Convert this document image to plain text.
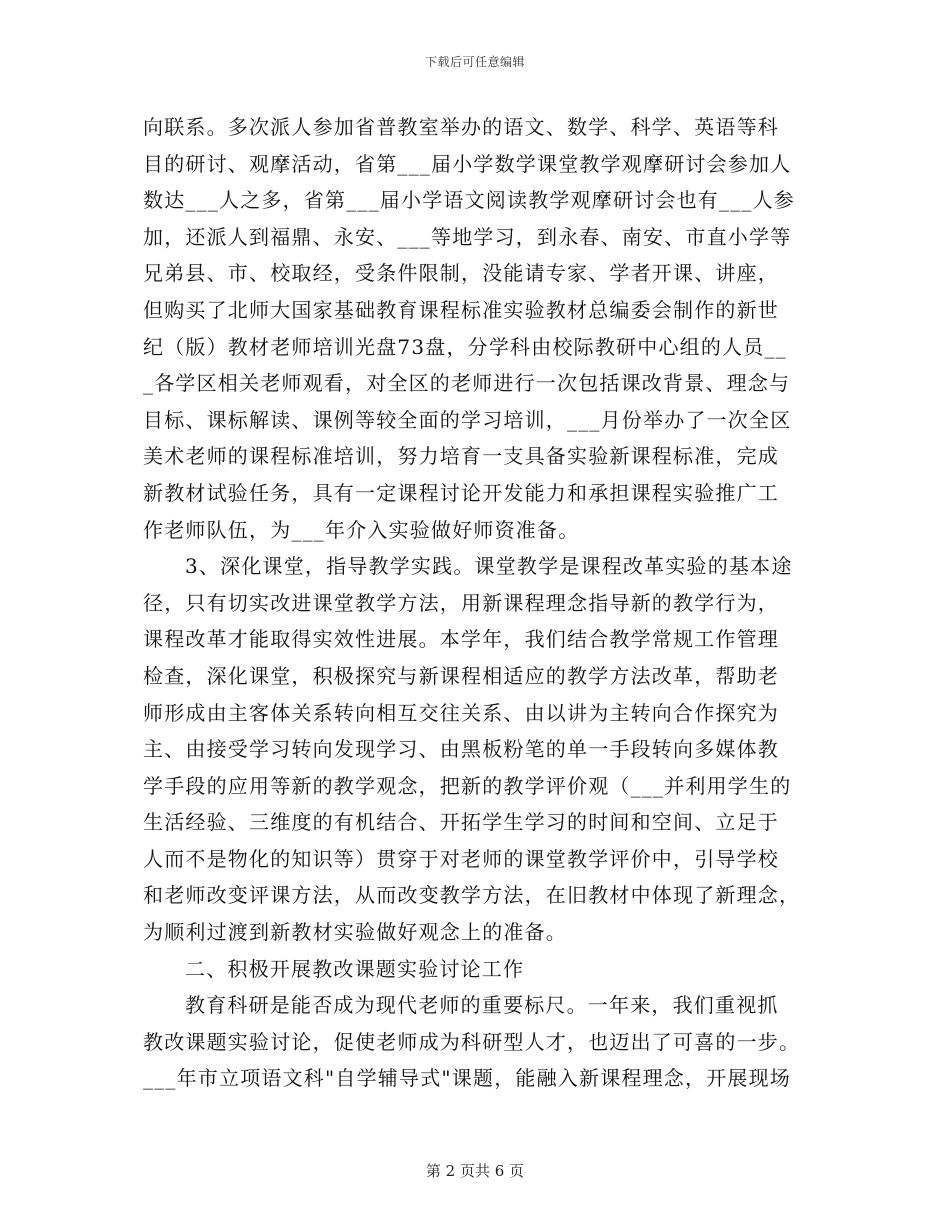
下载后可任意编辑
向联系。多次派人参加省普教室举办的语文、数学、科学、英语等科
目的研讨、观摩活动，省第___届小学数学课堂教学观摩研讨会参加人
数达___人之多，省第___届小学语文阅读教学观摩研讨会也有___人参
加，还派人到福鼎、永安、___等地学习，到永春、南安、市直小学等
兄弟县、市、校取经，受条件限制，没能请专家、学者开课、讲座，
但购买了北师大国家基础教育课程标准实验教材总编委会制作的新世
纪（版）教材老师培训光盘73盘，分学科由校际教研中心组的人员__
_各学区相关老师观看，对全区的老师进行一次包括课改背景、理念与
目标、课标解读、课例等较全面的学习培训，___月份举办了一次全区
美术老师的课程标准培训，努力培育一支具备实验新课程标准，完成
新教材试验任务，具有一定课程讨论开发能力和承担课程实验推广工
作老师队伍，为___年介入实验做好师资准备。
3、深化课堂，指导教学实践。课堂教学是课程改革实验的基本途
径，只有切实改进课堂教学方法，用新课程理念指导新的教学行为，
课程改革才能取得实效性进展。本学年，我们结合教学常规工作管理
检查，深化课堂，积极探究与新课程相适应的教学方法改革，帮助老
师形成由主客体关系转向相互交往关系、由以讲为主转向合作探究为
主、由接受学习转向发现学习、由黑板粉笔的单一手段转向多媒体教
学手段的应用等新的教学观念，把新的教学评价观（___并利用学生的
生活经验、三维度的有机结合、开拓学生学习的时间和空间、立足于
人而不是物化的知识等）贯穿于对老师的课堂教学评价中，引导学校
和老师改变评课方法，从而改变教学方法，在旧教材中体现了新理念，
为顺利过渡到新教材实验做好观念上的准备。
二、积极开展教改课题实验讨论工作
教育科研是能否成为现代老师的重要标尺。一年来，我们重视抓
教改课题实验讨论，促使老师成为科研型人才，也迈出了可喜的一步。
___年市立项语文科"自学辅导式"课题，能融入新课程理念，开展现场
第 2 页共 6 页
